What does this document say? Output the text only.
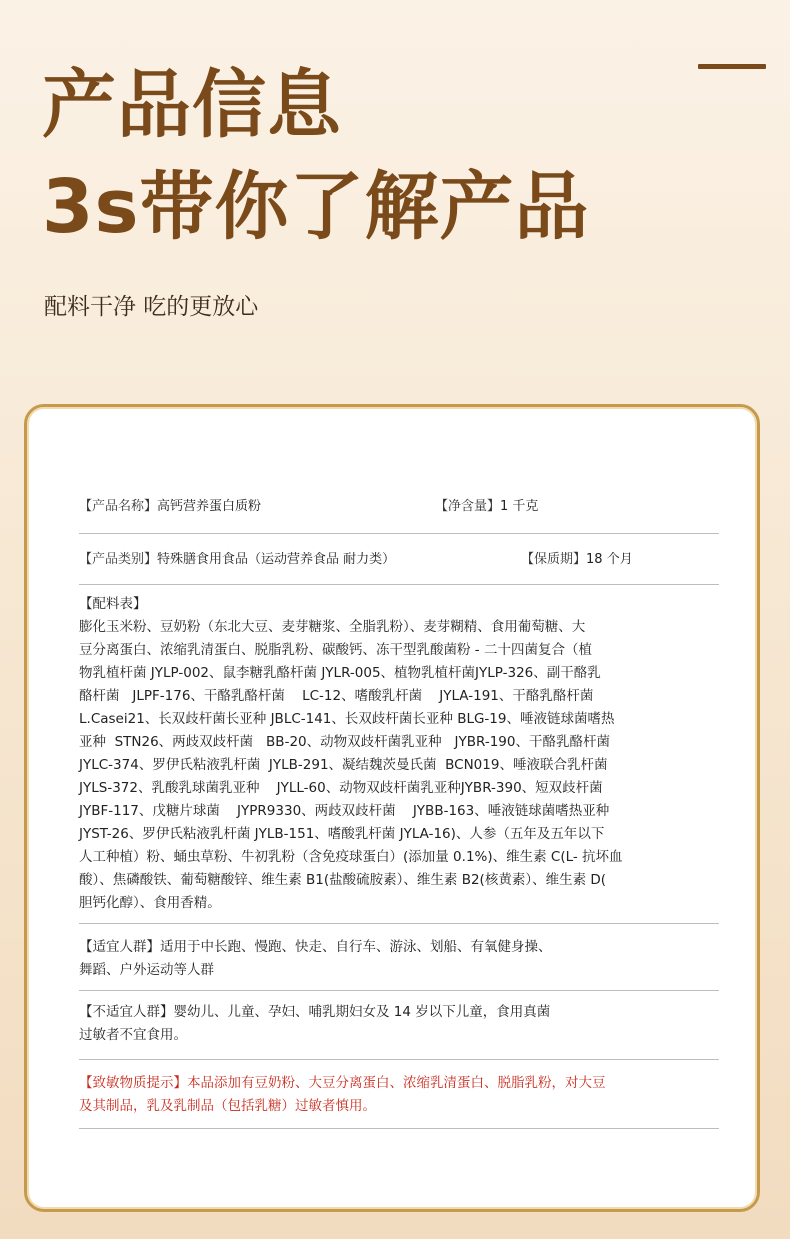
产品信息
3s带你了解产品
配料干净 吃的更放心
【产品名称】高钙营养蛋白质粉	【净含量】1 千克
【产品类别】特殊膳食用食品（运动营养食品 耐力类）	【保质期】18 个月

【配料表】

膨化玉米粉、豆奶粉（东北大豆、麦芽糖浆、全脂乳粉）、麦芽糊精、食用葡萄糖、大

豆分离蛋白、浓缩乳清蛋白、脱脂乳粉、碳酸钙、冻干型乳酸菌粉 - 二十四菌复合（植

物乳植杆菌 JYLP-002、鼠李糖乳酪杆菌 JYLR-005、植物乳植杆菌JYLP-326、副干酪乳

酪杆菌   JLPF-176、干酪乳酪杆菌    LC-12、嗜酸乳杆菌    JYLA-191、干酪乳酪杆菌

L.Casei21、长双歧杆菌长亚种 JBLC-141、长双歧杆菌长亚种 BLG-19、唾液链球菌嗜热

亚种  STN26、两歧双歧杆菌   BB-20、动物双歧杆菌乳亚种   JYBR-190、干酪乳酪杆菌

JYLC-374、罗伊氏粘液乳杆菌  JYLB-291、凝结魏茨曼氏菌  BCN019、唾液联合乳杆菌

JYLS-372、乳酸乳球菌乳亚种    JYLL-60、动物双歧杆菌乳亚种JYBR-390、短双歧杆菌

JYBF-117、戊糖片球菌    JYPR9330、两歧双歧杆菌    JYBB-163、唾液链球菌嗜热亚种

JYST-26、罗伊氏粘液乳杆菌 JYLB-151、嗜酸乳杆菌 JYLA-16)、人参（五年及五年以下

人工种植）粉、蛹虫草粉、牛初乳粉（含免疫球蛋白）(添加量 0.1%)、维生素 C(L- 抗坏血

酸）、焦磷酸铁、葡萄糖酸锌、维生素 B1(盐酸硫胺素）、维生素 B2(核黄素）、维生素 D(

胆钙化醇）、食用香精。

【适宜人群】适用于中长跑、慢跑、快走、自行车、游泳、划船、有氧健身操、

舞蹈、户外运动等人群

【不适宜人群】婴幼儿、儿童、孕妇、哺乳期妇女及 14 岁以下儿童，食用真菌

过敏者不宜食用。

【致敏物质提示】本品添加有豆奶粉、大豆分离蛋白、浓缩乳清蛋白、脱脂乳粉，对大豆

及其制品，乳及乳制品（包括乳糖）过敏者慎用。
